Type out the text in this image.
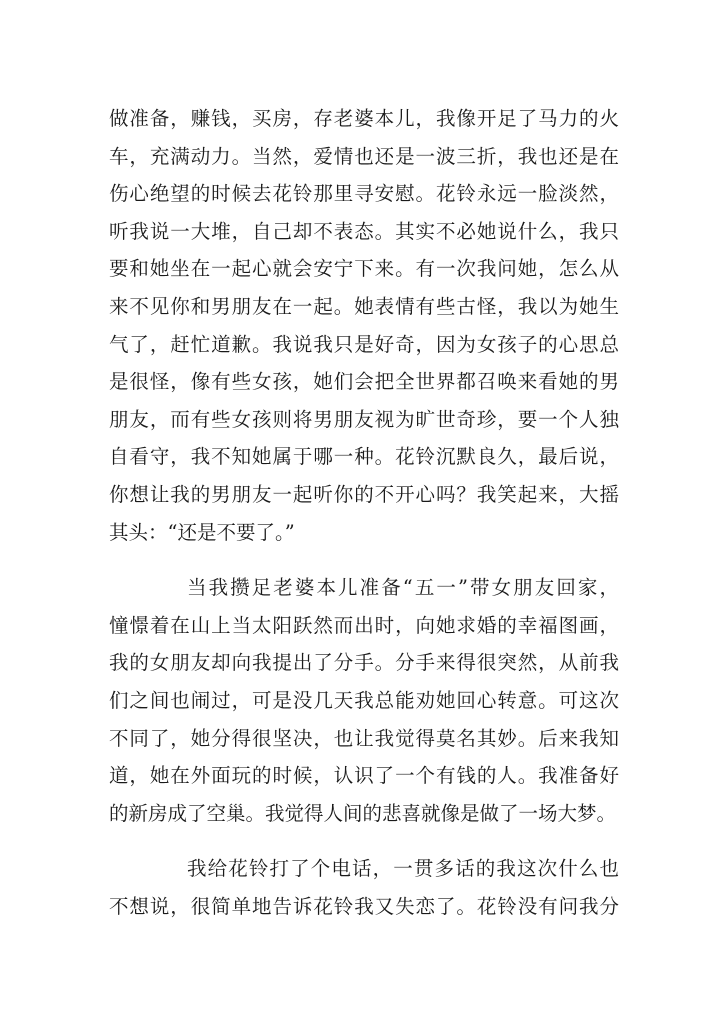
做准备，赚钱，买房，存老婆本儿，我像开足了马力的火
车，充满动力。当然，爱情也还是一波三折，我也还是在
伤心绝望的时候去花铃那里寻安慰。花铃永远一脸淡然，
听我说一大堆，自己却不表态。其实不必她说什么，我只
要和她坐在一起心就会安宁下来。有一次我问她，怎么从
来不见你和男朋友在一起。她表情有些古怪，我以为她生
气了，赶忙道歉。我说我只是好奇，因为女孩子的心思总
是很怪，像有些女孩，她们会把全世界都召唤来看她的男
朋友，而有些女孩则将男朋友视为旷世奇珍，要一个人独
自看守，我不知她属于哪一种。花铃沉默良久，最后说，
你想让我的男朋友一起听你的不开心吗？我笑起来，大摇
其头：“还是不要了。”
当我攒足老婆本儿准备“五一”带女朋友回家，
憧憬着在山上当太阳跃然而出时，向她求婚的幸福图画，
我的女朋友却向我提出了分手。分手来得很突然，从前我
们之间也闹过，可是没几天我总能劝她回心转意。可这次
不同了，她分得很坚决，也让我觉得莫名其妙。后来我知
道，她在外面玩的时候，认识了一个有钱的人。我准备好
的新房成了空巢。我觉得人间的悲喜就像是做了一场大梦。
我给花铃打了个电话，一贯多话的我这次什么也
不想说，很简单地告诉花铃我又失恋了。花铃没有问我分
